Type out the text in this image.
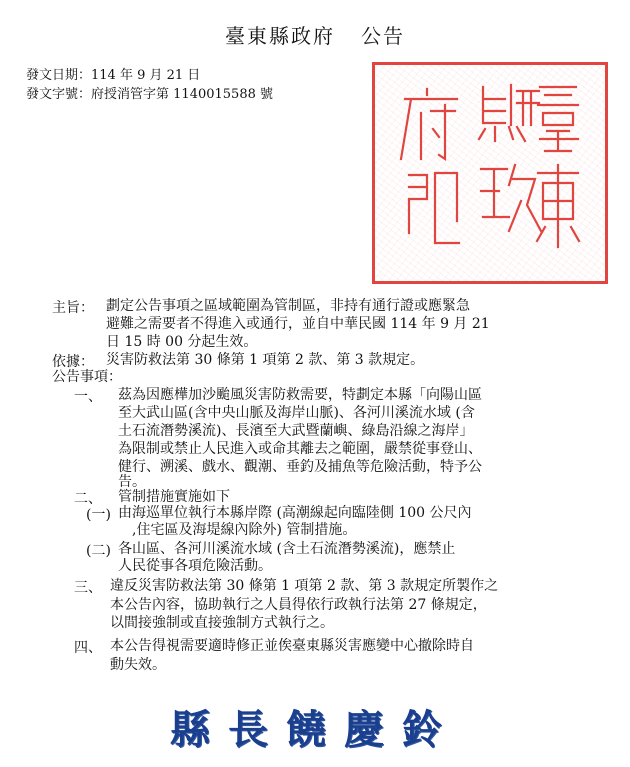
臺東縣政府 公告
發文日期：114 年 9 月 21 日
發文字號：府授消管字第 1140015588 號
主旨： 劃定公告事項之區域範圍為管制區，非持有通行證或應緊急
避難之需要者不得進入或通行，並自中華民國 114 年 9 月 21
日 15 時 00 分起生效。
依據： 災害防救法第 30 條第 1 項第 2 款、第 3 款規定。
公告事項：
一、 茲為因應樺加沙颱風災害防救需要，特劃定本縣「向陽山區
至大武山區(含中央山脈及海岸山脈)、各河川溪流水域 (含
土石流潛勢溪流)、長濱至大武暨蘭嶼、綠島沿線之海岸」
為限制或禁止人民進入或命其離去之範圍，嚴禁從事登山、
健行、溯溪、戲水、觀潮、垂釣及捕魚等危險活動，特予公
告。
二、 管制措施實施如下
(一) 由海巡單位執行本縣岸際 (高潮線起向臨陸側 100 公尺內
,住宅區及海堤線內除外) 管制措施。
(二) 各山區、各河川溪流水域 (含土石流潛勢溪流)，應禁止
人民從事各項危險活動。
三、 違反災害防救法第 30 條第 1 項第 2 款、第 3 款規定所製作之
本公告內容，協助執行之人員得依行政執行法第 27 條規定，
以間接強制或直接強制方式執行之。
四、 本公告得視需要適時修正並俟臺東縣災害應變中心撤除時自
動失效。
縣長饒慶鈴
